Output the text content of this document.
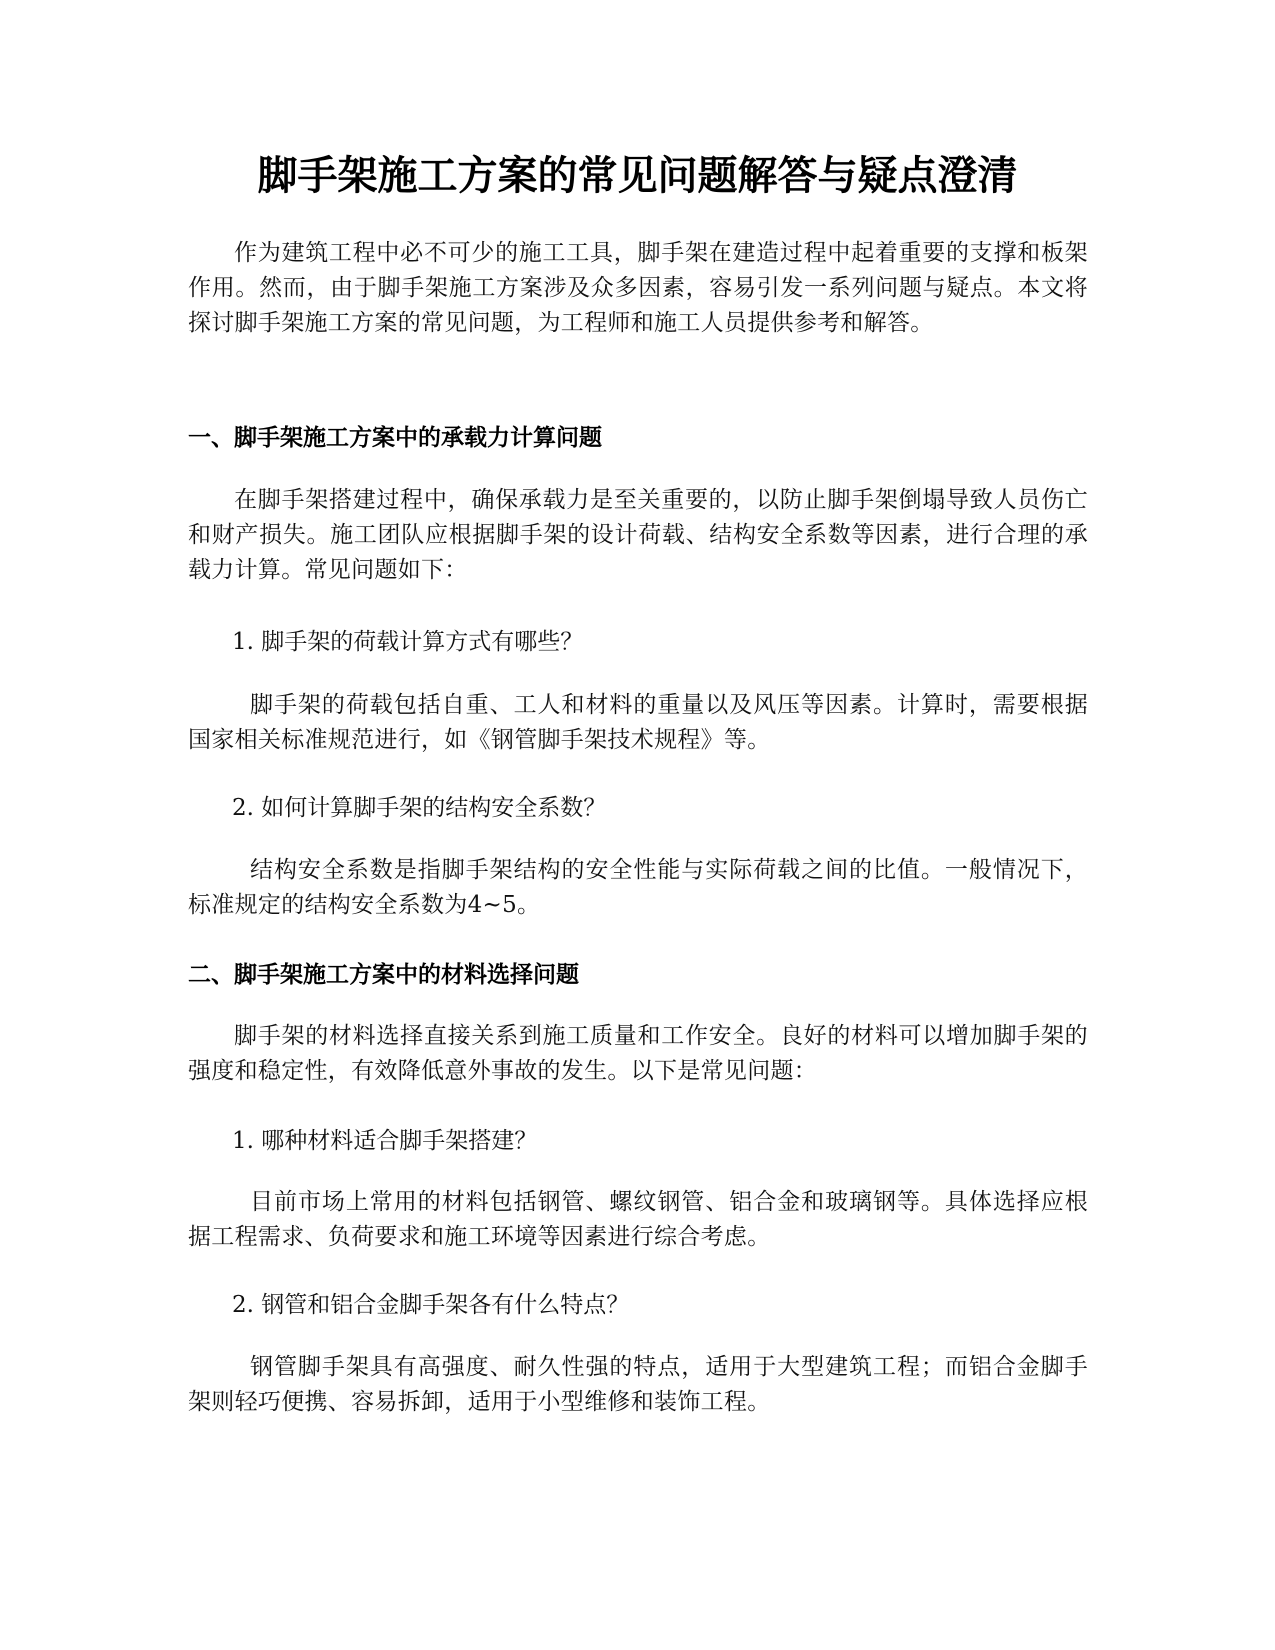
脚手架施工方案的常见问题解答与疑点澄清

作为建筑工程中必不可少的施工工具，脚手架在建造过程中起着重要的支撑和板架作用。然而，由于脚手架施工方案涉及众多因素，容易引发一系列问题与疑点。本文将探讨脚手架施工方案的常见问题，为工程师和施工人员提供参考和解答。

一、脚手架施工方案中的承载力计算问题

在脚手架搭建过程中，确保承载力是至关重要的，以防止脚手架倒塌导致人员伤亡和财产损失。施工团队应根据脚手架的设计荷载、结构安全系数等因素，进行合理的承载力计算。常见问题如下：

1. 脚手架的荷载计算方式有哪些？

脚手架的荷载包括自重、工人和材料的重量以及风压等因素。计算时，需要根据国家相关标准规范进行，如《钢管脚手架技术规程》等。

2. 如何计算脚手架的结构安全系数？

结构安全系数是指脚手架结构的安全性能与实际荷载之间的比值。一般情况下，标准规定的结构安全系数为4~5。

二、脚手架施工方案中的材料选择问题

脚手架的材料选择直接关系到施工质量和工作安全。良好的材料可以增加脚手架的强度和稳定性，有效降低意外事故的发生。以下是常见问题：

1. 哪种材料适合脚手架搭建？

目前市场上常用的材料包括钢管、螺纹钢管、铝合金和玻璃钢等。具体选择应根据工程需求、负荷要求和施工环境等因素进行综合考虑。

2. 钢管和铝合金脚手架各有什么特点？

钢管脚手架具有高强度、耐久性强的特点，适用于大型建筑工程；而铝合金脚手架则轻巧便携、容易拆卸，适用于小型维修和装饰工程。
